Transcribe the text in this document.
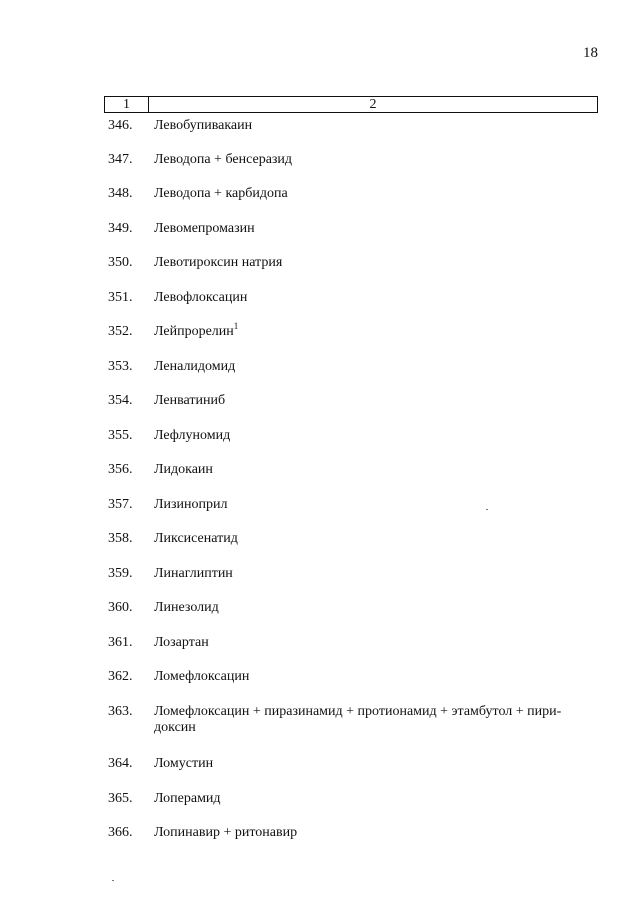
18
1	2
346.	Левобупивакаин
347.	Леводопа + бенсеразид
348.	Леводопа + карбидопа
349.	Левомепромазин
350.	Левотироксин натрия
351.	Левофлоксацин
352.	Лейпрорелин$^1$
353.	Леналидомид
354.	Ленватиниб
355.	Лефлуномид
356.	Лидокаин
357.	Лизиноприл
358.	Ликсисенатид
359.	Линаглиптин
360.	Линезолид
361.	Лозартан
362.	Ломефлоксацин
363.	Ломефлоксацин + пиразинамид + протионамид + этамбутол + пири-
доксин
364.	Ломустин
365.	Лоперамид
366.	Лопинавир + ритонавир
